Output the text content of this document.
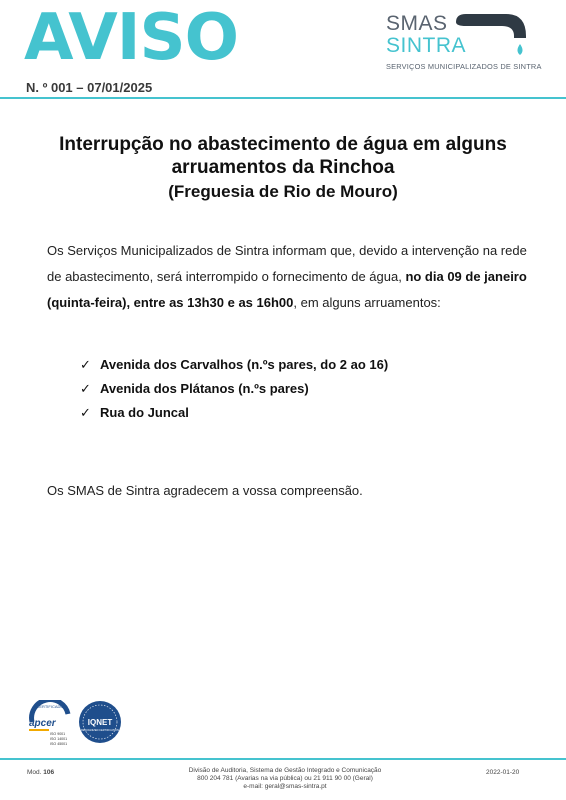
AVISO	SMAS
SINTRA
SERVIÇOS MUNICIPALIZADOS DE SINTRA
N. º 001 – 07/01/2025
Interrupção no abastecimento de água em alguns arruamentos da Rinchoa
(Freguesia de Rio de Mouro)
Os Serviços Municipalizados de Sintra informam que, devido a intervenção na rede de abastecimento, será interrompido o fornecimento de água, no dia 09 de janeiro (quinta-feira), entre as 13h30 e as 16h00, em alguns arruamentos:
✓ Avenida dos Carvalhos (n.ºs pares, do 2 ao 16)
✓ Avenida dos Plátanos (n.ºs pares)
✓ Rua do Juncal
Os SMAS de Sintra agradecem a vossa compreensão.
CERTIFICADO
apcer
ISO 9001
ISO 14001
ISO 45001
IQNET
RECOGNIZED CERTIFICATION
Mod. 106	Divisão de Auditoria, Sistema de Gestão Integrado e Comunicação
800 204 781 (Avarias na via pública) ou 21 911 90 00 (Geral)
e-mail: geral@smas-sintra.pt
2022-01-20
